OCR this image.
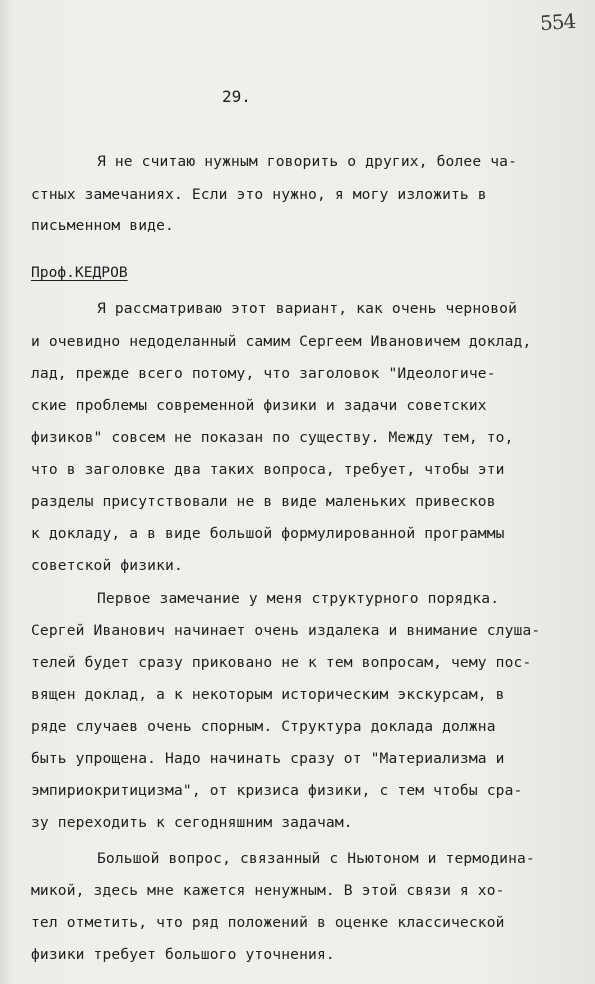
554
29.
Я не считаю нужным говорить о других, более ча-
стных замечаниях. Если это нужно, я могу изложить в
письменном виде.
Проф.КЕДРОВ
Я рассматриваю этот вариант, как очень черновой
и очевидно недоделанный самим Сергеем Ивановичем доклад,
лад, прежде всего потому, что заголовок "Идеологиче-
ские проблемы современной физики и задачи советских
физиков" совсем не показан по существу. Между тем, то,
что в заголовке два таких вопроса, требует, чтобы эти
разделы присутствовали не в виде маленьких привесков
к докладу, а в виде большой формулированной программы
советской физики.
Первое замечание у меня структурного порядка.
Сергей Иванович начинает очень издалека и внимание слуша-
телей будет сразу приковано не к тем вопросам, чему пос-
вящен доклад, а к некоторым историческим экскурсам, в
ряде случаев очень спорным. Структура доклада должна
быть упрощена. Надо начинать сразу от "Материализма и
эмпириокритицизма", от кризиса физики, с тем чтобы сра-
зу переходить к сегодняшним задачам.
Большой вопрос, связанный с Ньютоном и термодина-
микой, здесь мне кажется ненужным. В этой связи я хо-
тел отметить, что ряд положений в оценке классической
физики требует большого уточнения.
